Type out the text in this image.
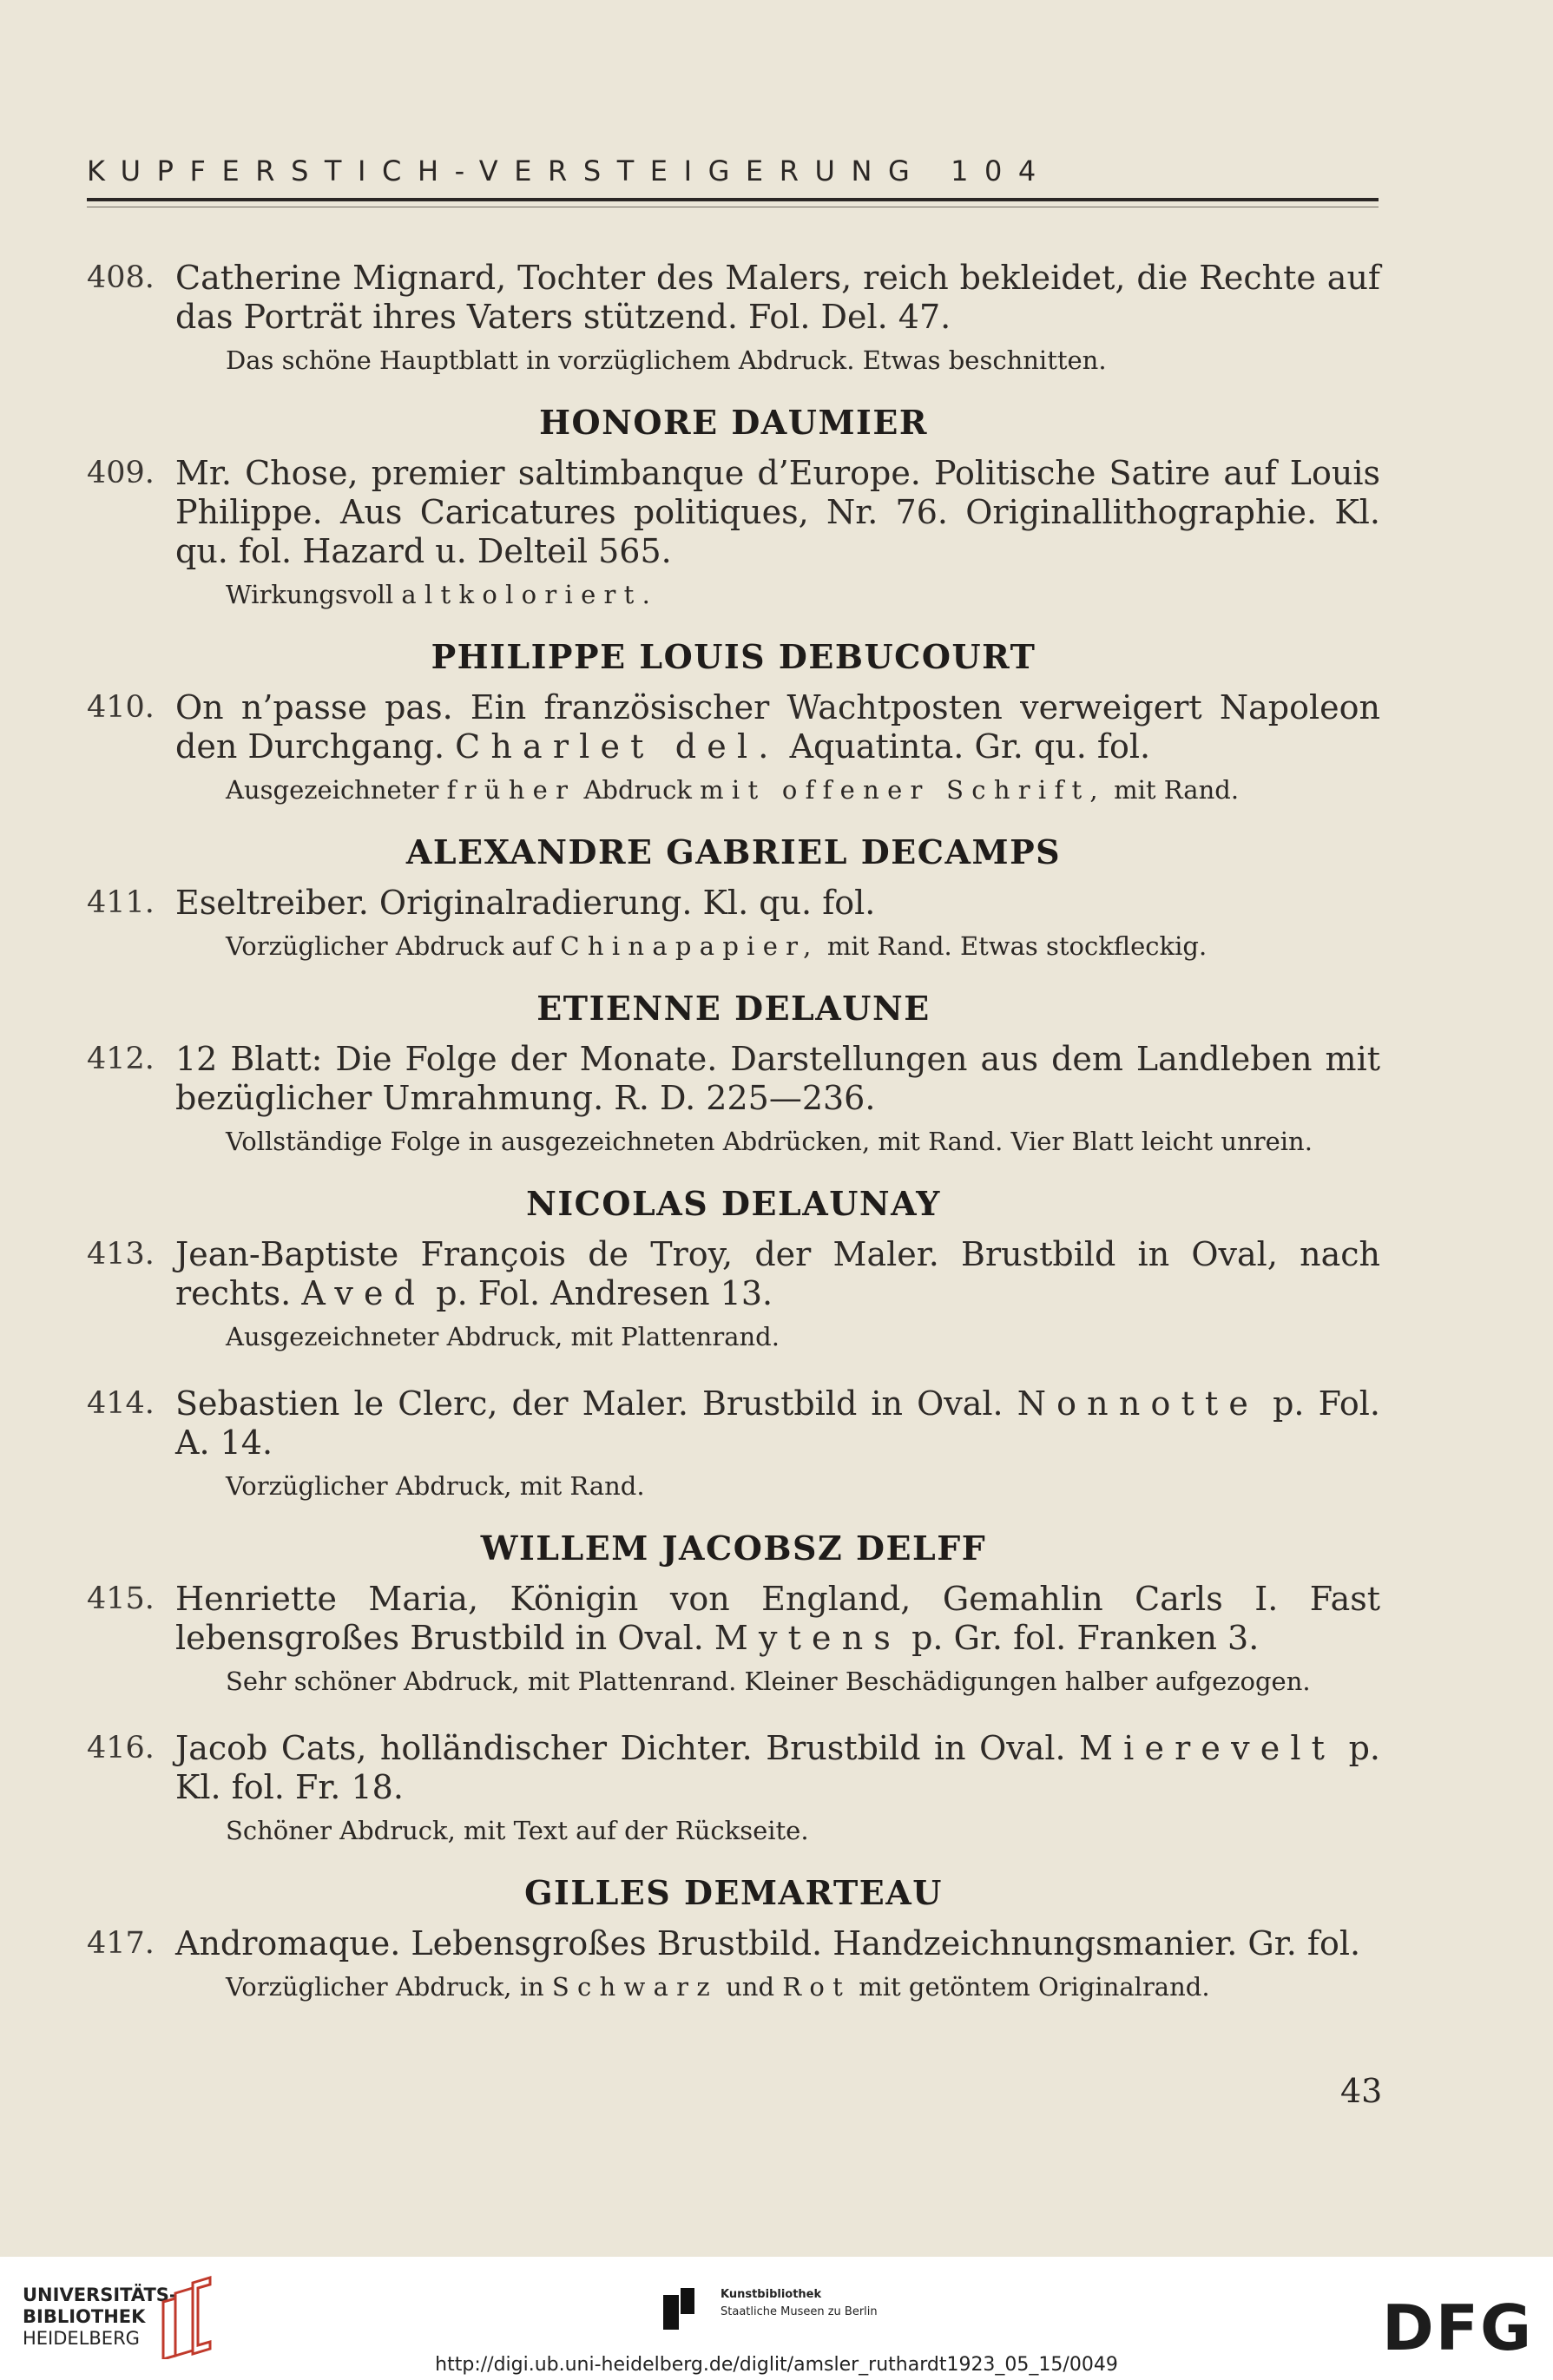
KUPFERSTICH-VERSTEIGERUNG 104
408. Catherine Mignard, Tochter des Malers, reich bekleidet, die Rechte auf das Porträt ihres Vaters stützend. Fol. Del. 47.
Das schöne Hauptblatt in vorzüglichem Abdruck. Etwas beschnitten.
HONORE DAUMIER
409. Mr. Chose, premier saltimbanque d’Europe. Politische Satire auf Louis Philippe. Aus Caricatures politiques, Nr. 76. Originallithographie. Kl. qu. fol. Hazard u. Delteil 565.
Wirkungsvoll altkoloriert.
PHILIPPE LOUIS DEBUCOURT
410. On n’passe pas. Ein französischer Wachtposten verweigert Napoleon den Durchgang. Charlet del. Aquatinta. Gr. qu. fol.
Ausgezeichneter früher Abdruck mit offener Schrift, mit Rand.
ALEXANDRE GABRIEL DECAMPS
411. Eseltreiber. Originalradierung. Kl. qu. fol.
Vorzüglicher Abdruck auf Chinapapier, mit Rand. Etwas stockfleckig.
ETIENNE DELAUNE
412. 12 Blatt: Die Folge der Monate. Darstellungen aus dem Landleben mit bezüglicher Umrahmung. R. D. 225—236.
Vollständige Folge in ausgezeichneten Abdrücken, mit Rand. Vier Blatt leicht unrein.
NICOLAS DELAUNAY
413. Jean-Baptiste François de Troy, der Maler. Brustbild in Oval, nach rechts. Aved p. Fol. Andresen 13.
Ausgezeichneter Abdruck, mit Plattenrand.
414. Sebastien le Clerc, der Maler. Brustbild in Oval. Nonnotte p. Fol. A. 14.
Vorzüglicher Abdruck, mit Rand.
WILLEM JACOBSZ DELFF
415. Henriette Maria, Königin von England, Gemahlin Carls I. Fast lebensgroßes Brustbild in Oval. Mytens p. Gr. fol. Franken 3.
Sehr schöner Abdruck, mit Plattenrand. Kleiner Beschädigungen halber aufgezogen.
416. Jacob Cats, holländischer Dichter. Brustbild in Oval. Mierevelt p. Kl. fol. Fr. 18.
Schöner Abdruck, mit Text auf der Rückseite.
GILLES DEMARTEAU
417. Andromaque. Lebensgroßes Brustbild. Handzeichnungsmanier. Gr. fol.
Vorzüglicher Abdruck, in Schwarz und Rot mit getöntem Originalrand.
43
UNIVERSITÄTS-
BIBLIOTHEK
HEIDELBERG
Kunstbibliothek
Staatliche Museen zu Berlin	DFG
http://digi.ub.uni-heidelberg.de/diglit/amsler_ruthardt1923_05_15/0049
